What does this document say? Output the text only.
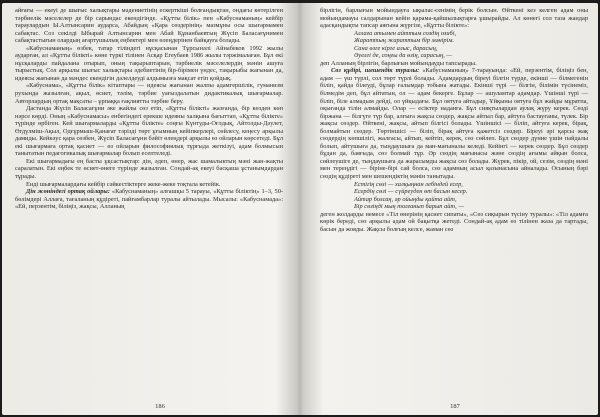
айғағы — екеуі де шығыс халықтары мәдениетінің ескерткіші болғандықтан, ондағы көтерілген тәрбиелік мәселелер де бір сарындас екендігінде. «Құтты білік» пен «Кабуснаманың» кейбір тараулардын Ы.Алтынсарин аударса, Абайдың «Қара сөздерінің» мазмұны осы шығармамен сабақтас. Соз секілді Ыбырай Алтынсарин мен Абай Құнанбаевтың Жүсіп Баласағұнимен сабақтастығын олардың ағартушылық еңбектері мен өлеңдерінен байқауға болады.

«Кабуснаманың» өзбек, татар тіліндегі нұсқасынан Тұрсынәлі Айнабеков 1992 жылы аударған, ал «Құтты білікті» көне түркі тілінен Асқар Егеубаев 1986 жылы тәржімалаған. Бұл екі нұсқаларды пайдалана отырып, оның тақырыптарын, тәрбиелік мәселелердің мәнін ашуға тырыстық. Сол арқылы шығыс халықтары әдебиетінің бір-бірімен үндес, тақырыбы жағынан да, идеясы жағынан да мәндес екендігін дәлелдеуді алдымызға мақсат етіп қойдық.

«Кабуснама», «Құтты білік» кітаптары — идеясы жағынан жалпы адамгершілік, гуманизм рухында жазылған, ақыл, өсиет, тәлім, тәрбие уағыздалатын дидактикалық шығармалар. Авторлардың ортақ мақсаты – ұрпаққа ғақлиятты тәрбие беру.

Дастанда Жүсіп Баласағұни әке жайлы сөз етіп, «Құтты білікті» жазғанда, бір көзден көп нәрсе көрді. Оның «Кабуснамасы» енбегіндегі ерекше идеяны халқына бағыттап, «Құтты білікте» түрінде өрбіген. Кей шығармаларды «Құтты білікте» соңғы Күнтуды-Оғлдық, Айтолды-Дәулет, Өгдүлміш-Ақыл, Одғұрмыш-Қанағат тәрізді төрт ұғымның кейіпкерлері, сөйлесу, кеңесу арқылы дамиды. Кейкәус қара сөзбен, Жүсіп Баласағұни бәйіт өлеңдері арқылы өз ойларын көрсетеді. Бұл екі шығармаға ортақ қасиет — өз ойларын философиялық тұрғыда жеткізуі, адам болмысын танытатын педагогикалық шығармалар болып есептеледі.

Екі шығармадағы ең басты ұқсастықтар: дін, әдеп, өнер, жас шамалыктың мәні жан-жақты саралатын. Екі еңбек те өсиет-өнеге түрінде жазылған. Сондай-ақ екеуі басқаша ұстанымдардан тұрады.

Енді шығармалардағы кейбір сәйкестіктерге жеке-жеке тоқтала кетейік.

Дін жөніндегі ортақ ойлары: «Кабуснаманың» алғашқы 5 тарауы, «Құтты біліктің» 1–3, 50-бөлімдері Аллаға, тағаланың құдіреті, пайғамбарлар туралы айтылады. Мысалы: «Кабуснамада»: «Ей, перзентім, біліңіз, жақсы, Алланың

186

бірлігін, барлығын мойындауға ықылас-сенімің берік болсын. Өйткені кез келген адам оны мойындамауы салдарынан кейін қарама-қайшылықтарға ұшырайды. Ал көнегі сол таза жандар адасқандықты тапсар аяғына жүргізе, «Құтты білікте»:

Аллаға атымен айттым создің озибі,
Жараттың жараттым бір мәнірім.
Сана өзге кірге алыс, дарасың,
Әуелгі де, соңғы да өзің, сарасың, —

деп Алланың бірлігін, барлығын мойындауды тапсырады.

Сөз құдірі, шешендік туралы: «Кабуснаманың» 7-тарауында: «Ей, перзентім, біліңіз бен, адам — үш түрлі, сол төрт түрлі болады. Адамдардың біреуі білгін түрде, екінші — білмегенін біліп, қайда білеуді, бұлар ғалымдар тобына жатады. Екінші түрі — білгін, білімін түсінеміз, білмедім деп, бұл айтатын, ол — адам бекерге. Бұлар — ашуламтар адамдар. Үшінші түрі — біліп, біле алмадым дейді, ол үйқыдағы. Бұл оятуға айтадыр, Ұйқыны оятуға бұл жайды мұратпа, оқығанда тілін алмайды. Олар — есіктер наданға. Бұл сияқтылардан аулақ жүру керек. Сөзді біржана — білгүге түр бар, алғыға жақсы сөздер, жақсы айтыл бар, айтуға бастауғаны, түлек. Бір жақсы сөздер. Өйткені, жақсы, айтып білгісі болады. Үшіншісі — біліп, айтуға керек, бірақ, болмайтын сөздер. Төртіншісі — біліп, бірақ айтуға қажетсіз сөздер. Біреуі әрі қарсы жақ сөздердің көпшілігі, жалғасы, айтып, кейтіп, керек, сөз сөйлеп. Бұл сөздер дүние үшін пайдалы болып, айтушыға да, тыңдаушыға да ман-мағыналы келеді. Кейінгі — керек сөздер. Бұл сөздер бұдан да, баяғыда, сөз болмай тұр. Әр сөздің мағынасы және сөздің ағымы айқын болса, сөйлеушіге де, тыңдаушыға да жарасымды жақсы сөз болады. Жүрек, пікір, ой, сезім, сөздің мәні мен тереңдігі — біріне-бірі сай болса, сөз адамның асыл қазынасына айналады. Осының бәрі сөздің құдіреті мен шешендіктің мәнін танытады.

Естігің сөзі — халқыңнан лебіндей есер,
Есердің сөзі — сүйреуден өт басын кесер.
Айтар болсаң, әр ойыңды қайта айт,
Бір сөзіңді мың толғанып барып айт, —

деген жолдарды немесе «Тіл өнерінің қасиет сипаты», «Сөз сиқырын түсіну туралы»: «Тіл адамға көрік береді, сөз арқылы адам ой бақытқа жетеді. Сондай-ақ адам өз тілінен жаза да тартады, басын да жояды. Жақсы болғың келсе, жаман сөз

187
